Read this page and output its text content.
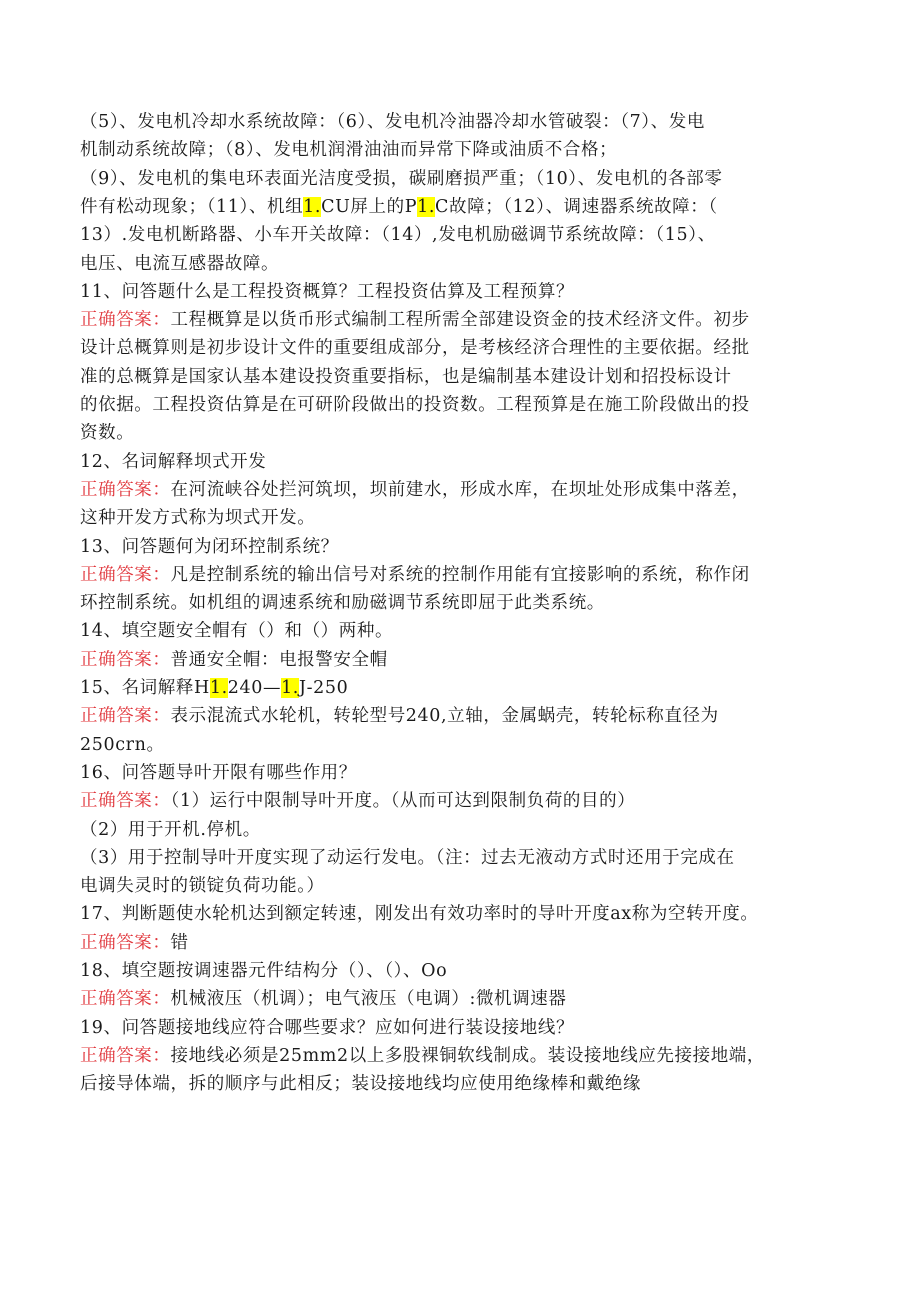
（5）、发电机冷却水系统故障：（6）、发电机冷油器冷却水管破裂：（7）、发电
机制动系统故障；（8）、发电机润滑油油而异常下降或油质不合格；
（9）、发电机的集电环表面光洁度受损，碳刷磨损严重；（10）、发电机的各部零
件有松动现象；（11）、机组1.CU屏上的P1.C故障；（12）、调速器系统故障：（
13）.发电机断路器、小车开关故障：（14）,发电机励磁调节系统故障：（15）、
电压、电流互感器故障。
11、问答题什么是工程投资概算？工程投资估算及工程预算？
正确答案：工程概算是以货币形式编制工程所需全部建设资金的技术经济文件。初步
设计总概算则是初步设计文件的重要组成部分，是考核经济合理性的主要依据。经批
准的总概算是国家认基本建设投资重要指标，也是编制基本建设计划和招投标设计
的依据。工程投资估算是在可研阶段做出的投资数。工程预算是在施工阶段做出的投
资数。
12、名词解释坝式开发
正确答案：在河流峡谷处拦河筑坝，坝前建水，形成水库，在坝址处形成集中落差，
这种开发方式称为坝式开发。
13、问答题何为闭环控制系统？
正确答案：凡是控制系统的输出信号对系统的控制作用能有宜接影响的系统，称作闭
环控制系统。如机组的调速系统和励磁调节系统即屈于此类系统。
14、填空题安全帽有（）和（）两种。
正确答案：普通安全帽：电报警安全帽
15、名词解释H1.240—1.J-250
正确答案：表示混流式水轮机，转轮型号240,立轴，金属蜗壳，转轮标称直径为
250crn。
16、问答题导叶开限有哪些作用？
正确答案：（1）运行中限制导叶开度。（从而可达到限制负荷的目的）
（2）用于开机.停机。
（3）用于控制导叶开度实现了动运行发电。（注：过去无液动方式时还用于完成在
电调失灵时的锁锭负荷功能。）
17、判断题使水轮机达到额定转速，刚发出有效功率时的导叶开度ax称为空转开度。
正确答案：错
18、填空题按调速器元件结构分（）、（）、Oo
正确答案：机械液压（机调）；电气液压（电调）:微机调速器
19、问答题接地线应符合哪些要求？应如何进行装设接地线？
正确答案：接地线必须是25mm2以上多股裸铜软线制成。装设接地线应先接接地端，
后接导体端，拆的顺序与此相反；装设接地线均应使用绝缘棒和戴绝缘
